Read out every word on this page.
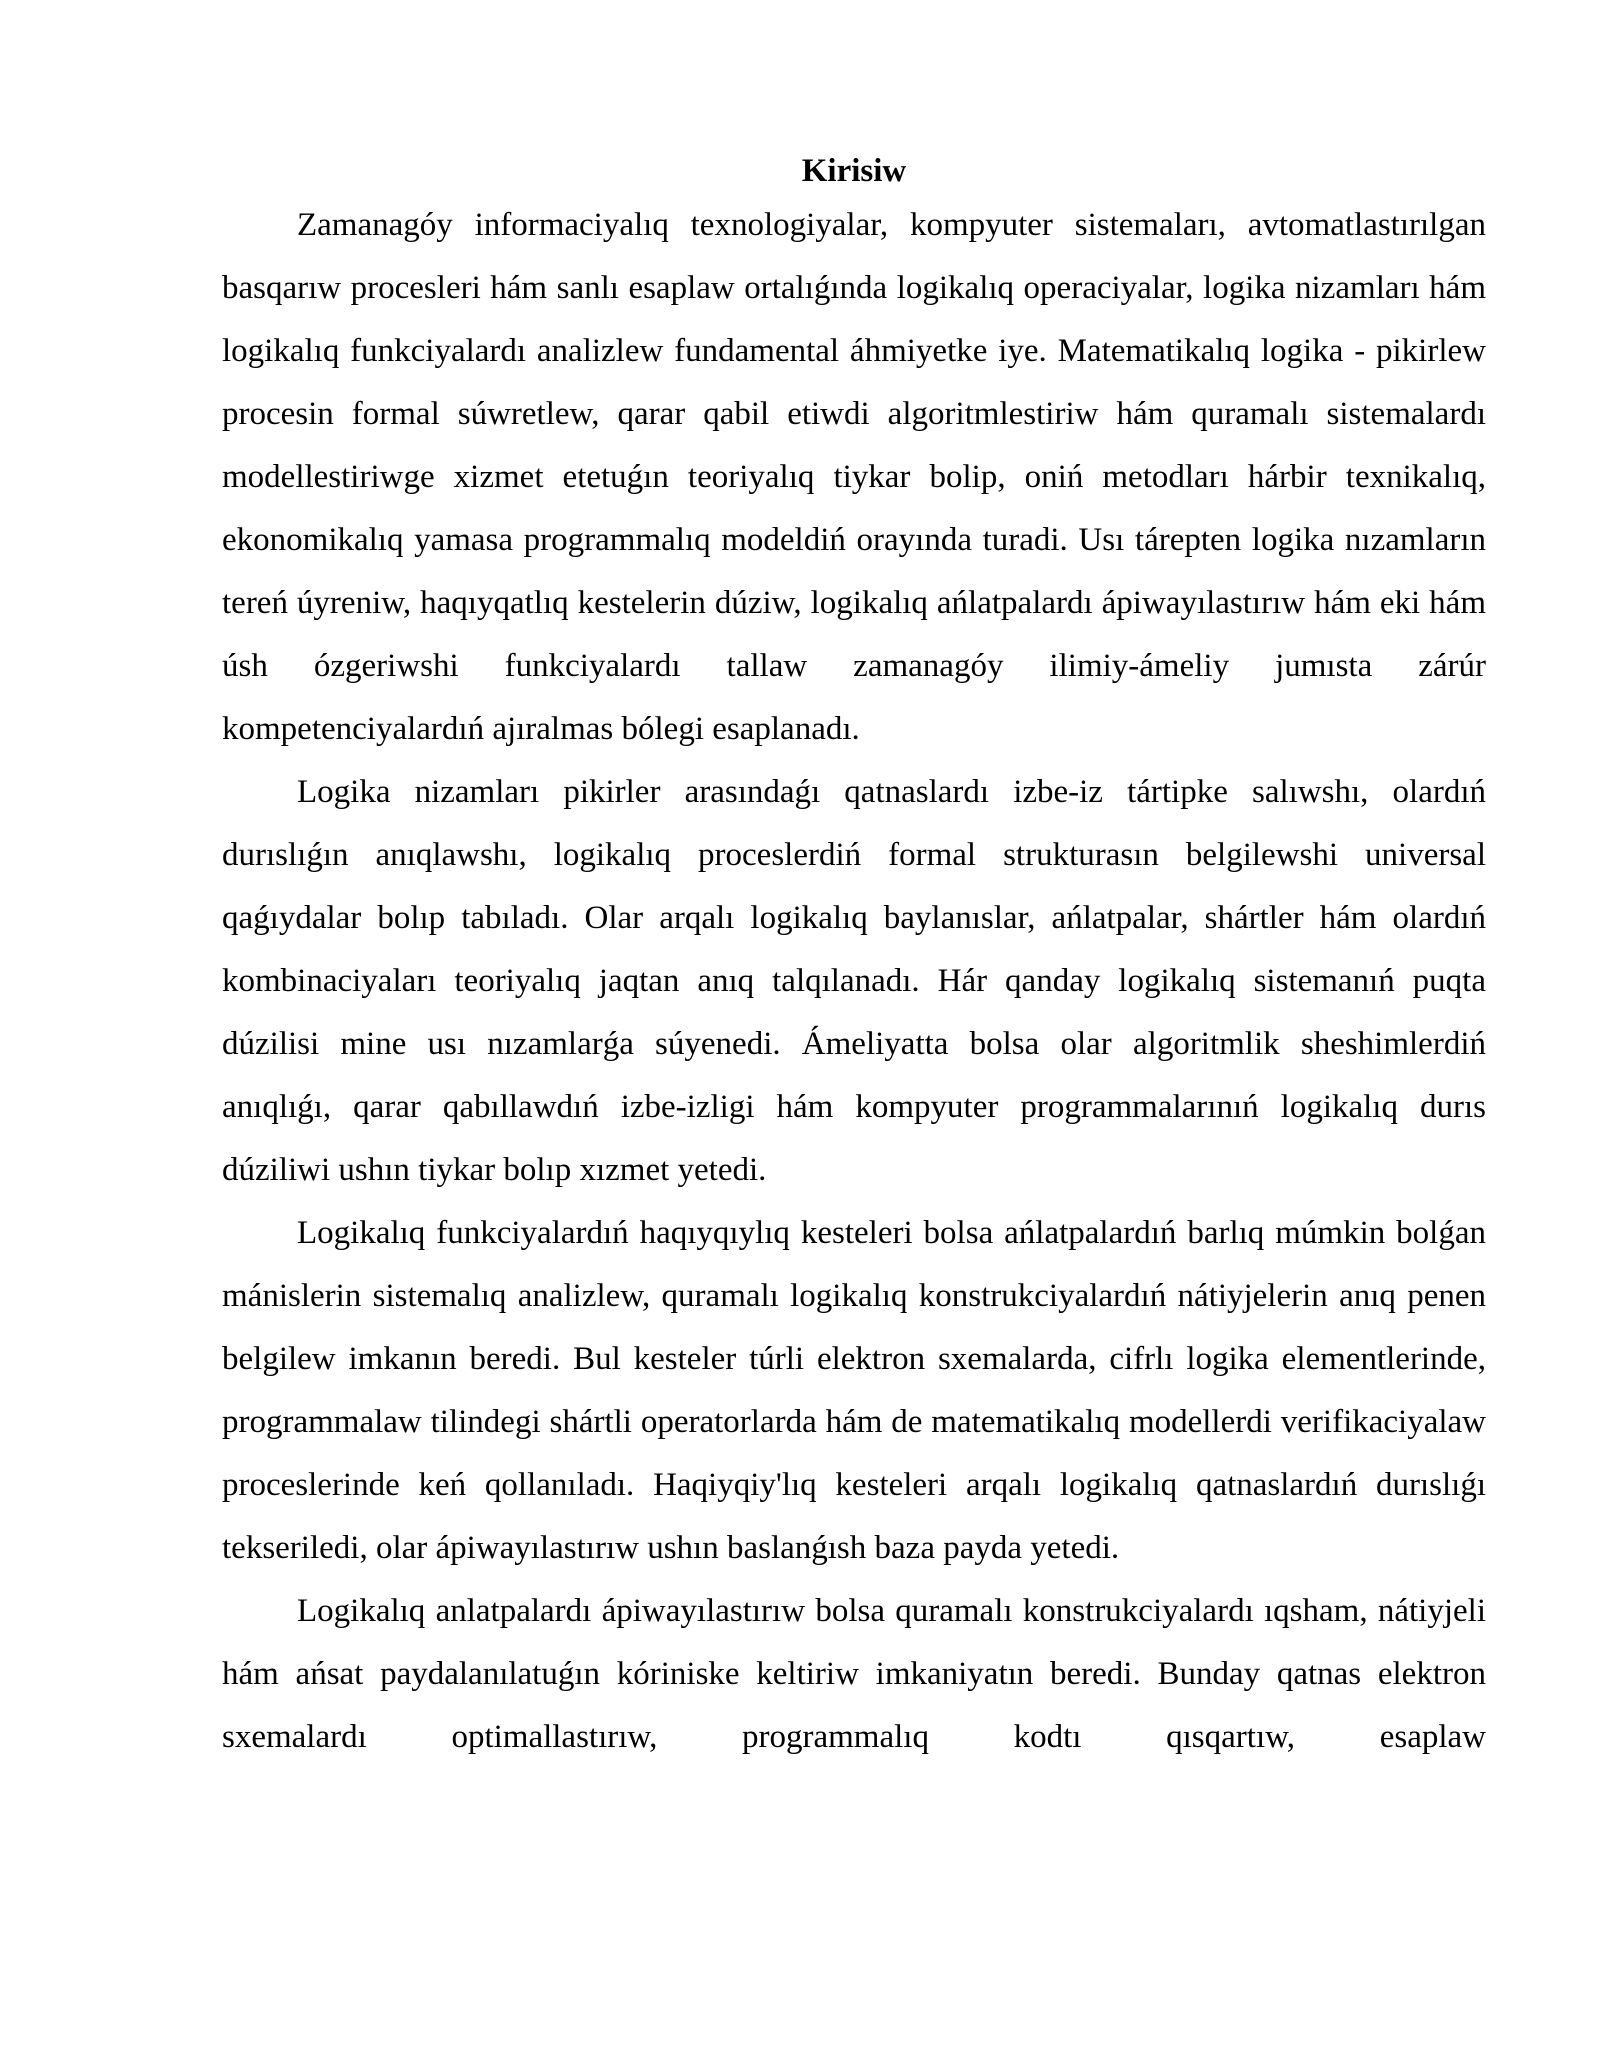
Kirisiw

Zamanagóy informaciyalıq texnologiyalar, kompyuter sistemaları, avtomatlastırılgan basqarıw procesleri hám sanlı esaplaw ortalıǵında logikalıq operaciyalar, logika nizamları hám logikalıq funkciyalardı analizlew fundamental áhmiyetke iye. Matematikalıq logika - pikirlew procesin formal súwretlew, qarar qabil etiwdi algoritmlestiriw hám quramalı sistemalardı modellestiriwge xizmet etetuǵın teoriyalıq tiykar bolip, oniń metodları hárbir texnikalıq, ekonomikalıq yamasa programmalıq modeldiń orayında turadi. Usı tárepten logika nızamların tereń úyreniw, haqıyqatlıq kestelerin dúziw, logikalıq ańlatpalardı ápiwayılastırıw hám eki hám úsh ózgeriwshi funkciyalardı tallaw zamanagóy ilimiy-ámeliy jumısta zárúr kompetenciyalardıń ajıralmas bólegi esaplanadı.

Logika nizamları pikirler arasındaǵı qatnaslardı izbe-iz tártipke salıwshı, olardıń durıslıǵın anıqlawshı, logikalıq proceslerdiń formal strukturasın belgilewshi universal qaǵıydalar bolıp tabıladı. Olar arqalı logikalıq baylanıslar, ańlatpalar, shártler hám olardıń kombinaciyaları teoriyalıq jaqtan anıq talqılanadı. Hár qanday logikalıq sistemanıń puqta dúzilisi mine usı nızamlarǵa súyenedi. Ámeliyatta bolsa olar algoritmlik sheshimlerdiń anıqlıǵı, qarar qabıllawdıń izbe-izligi hám kompyuter programmalarınıń logikalıq durıs dúziliwi ushın tiykar bolıp xızmet yetedi.

Logikalıq funkciyalardıń haqıyqıylıq kesteleri bolsa ańlatpalardıń barlıq múmkin bolǵan mánislerin sistemalıq analizlew, quramalı logikalıq konstrukciyalardıń nátiyjelerin anıq penen belgilew imkanın beredi. Bul kesteler túrli elektron sxemalarda, cifrlı logika elementlerinde, programmalaw tilindegi shártli operatorlarda hám de matematikalıq modellerdi verifikaciyalaw proceslerinde keń qollanıladı. Haqiyqiy'lıq kesteleri arqalı logikalıq qatnaslardıń durıslıǵı tekseriledi, olar ápiwayılastırıw ushın baslanǵısh baza payda yetedi.

Logikalıq anlatpalardı ápiwayılastırıw bolsa quramalı konstrukciyalardı ıqsham, nátiyjeli hám ańsat paydalanılatuǵın kóriniske keltiriw imkaniyatın beredi. Bunday qatnas elektron sxemalardı optimallastırıw, programmalıq kodtı qısqartıw, esaplaw
